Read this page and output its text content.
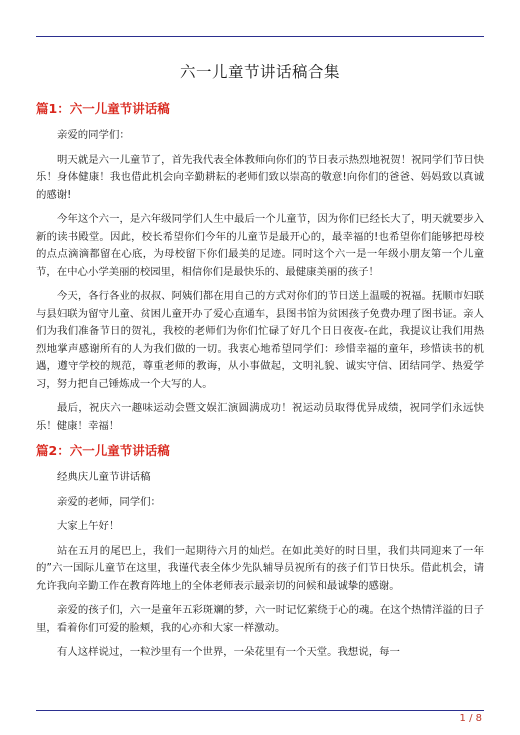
六一儿童节讲话稿合集
篇1：六一儿童节讲话稿

亲爱的同学们：

明天就是六一儿童节了，首先我代表全体教师向你们的节日表示热烈地祝贺！祝同学们节日快乐！身体健康！我也借此机会向辛勤耕耘的老师们致以崇高的敬意!向你们的爸爸、妈妈致以真诚的感谢!

今年这个六一，是六年级同学们人生中最后一个儿童节，因为你们已经长大了，明天就要步入新的读书殿堂。因此，校长希望你们今年的儿童节是最开心的，最幸福的!也希望你们能够把母校的点点滴滴都留在心底，为母校留下你们最美的足迹。同时这个六一是一年级小朋友第一个儿童节，在中心小学美丽的校园里，相信你们是最快乐的、最健康美丽的孩子！

今天，各行各业的叔叔、阿姨们都在用自己的方式对你们的节日送上温暖的祝福。抚顺市妇联与县妇联为留守儿童、贫困儿童开办了爱心直通车，县图书馆为贫困孩子免费办理了图书证。亲人们为我们准备节日的贺礼，我校的老师们为你们忙碌了好几个日日夜夜-在此，我提议让我们用热烈地掌声感谢所有的人为我们做的一切。我衷心地希望同学们：珍惜幸福的童年，珍惜读书的机遇，遵守学校的规范，尊重老师的教诲，从小事做起，文明礼貌、诚实守信、团结同学、热爱学习，努力把自己锤炼成一个大写的人。

最后，祝庆六一趣味运动会暨文娱汇演圆满成功！祝运动员取得优异成绩，祝同学们永远快乐！健康！幸福！

篇2：六一儿童节讲话稿

经典庆儿童节讲话稿

亲爱的老师，同学们：

大家上午好！

站在五月的尾巴上，我们一起期待六月的灿烂。在如此美好的时日里，我们共同迎来了一年的”六一国际儿童节在这里，我谨代表全体少先队辅导员祝所有的孩子们节日快乐。借此机会，请允许我向辛勤工作在教育阵地上的全体老师表示最亲切的问候和最诚挚的感谢。

亲爱的孩子们，六一是童年五彩斑斓的梦，六一时记忆萦绕于心的魂。在这个热情洋溢的日子里，看着你们可爱的脸颊，我的心亦和大家一样激动。

有人这样说过，一粒沙里有一个世界，一朵花里有一个天堂。我想说，每一

1 / 8
